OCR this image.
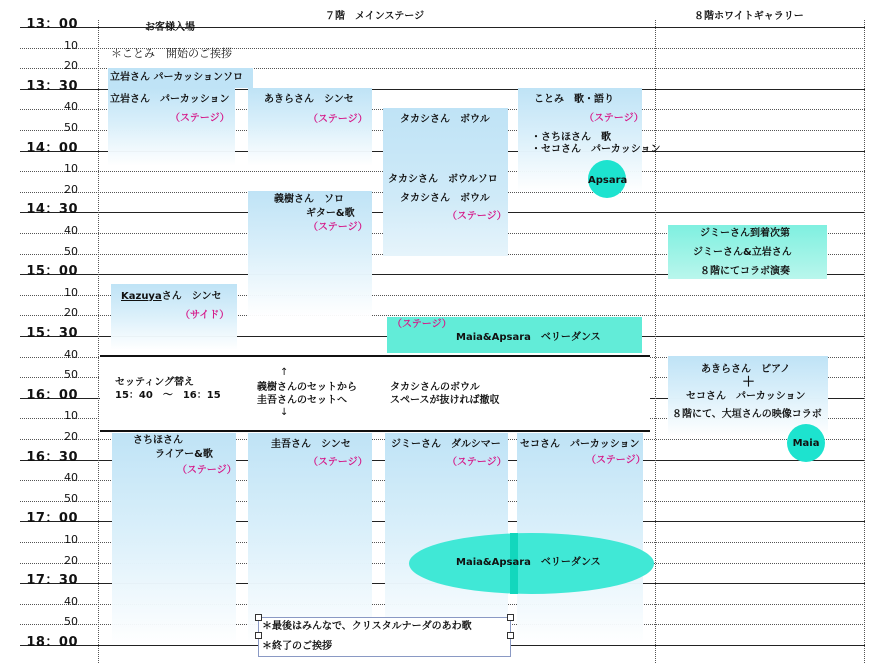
７階　メインステージ	８階ホワイトギャラリー
13：00
10
20
13：30
40
50
14：00
10
20
14：30
40
50
15：00
10
20
15：30
40
50
16：00
10
20
16：30
40
50
17：00
10
20
17：30
40
50
18：00
お客様入場
＊ことみ　開始のご挨拶
立岩さん パーカッションソロ
立岩さん　パーカッション
（ステージ）
Kazuyaさん　シンセ
（サイド）
さちほさん
ライアー&歌
（ステージ）
あきらさん　シンセ
（ステージ）
義樹さん　ソロ
ギター&歌
（ステージ）
圭吾さん　シンセ
（ステージ）
タカシさん　ボウル
タカシさん　ボウルソロ
タカシさん　ボウル
（ステージ）
ジミーさん　ダルシマー
（ステージ）
ことみ　歌・語り
（ステージ）
・さちほさん　歌
・セコさん　パーカッション
Apsara
セコさん　パーカッション
（ステージ）
（ステージ）
Maia&Apsara　ベリーダンス
セッティング替え
15：40　～　16：15
↑
義樹さんのセットから
圭吾さんのセットへ
↓
タカシさんのボウル
スペースが抜ければ撤収
Maia&Apsara　ベリーダンス
＊最後はみんなで、クリスタルナーダのあわ歌
＊終了のご挨拶
ジミーさん到着次第
ジミーさん&立岩さん
８階にてコラボ演奏
あきらさん　ピアノ
＋
セコさん　パーカッション
８階にて、大垣さんの映像コラボ
Maia
